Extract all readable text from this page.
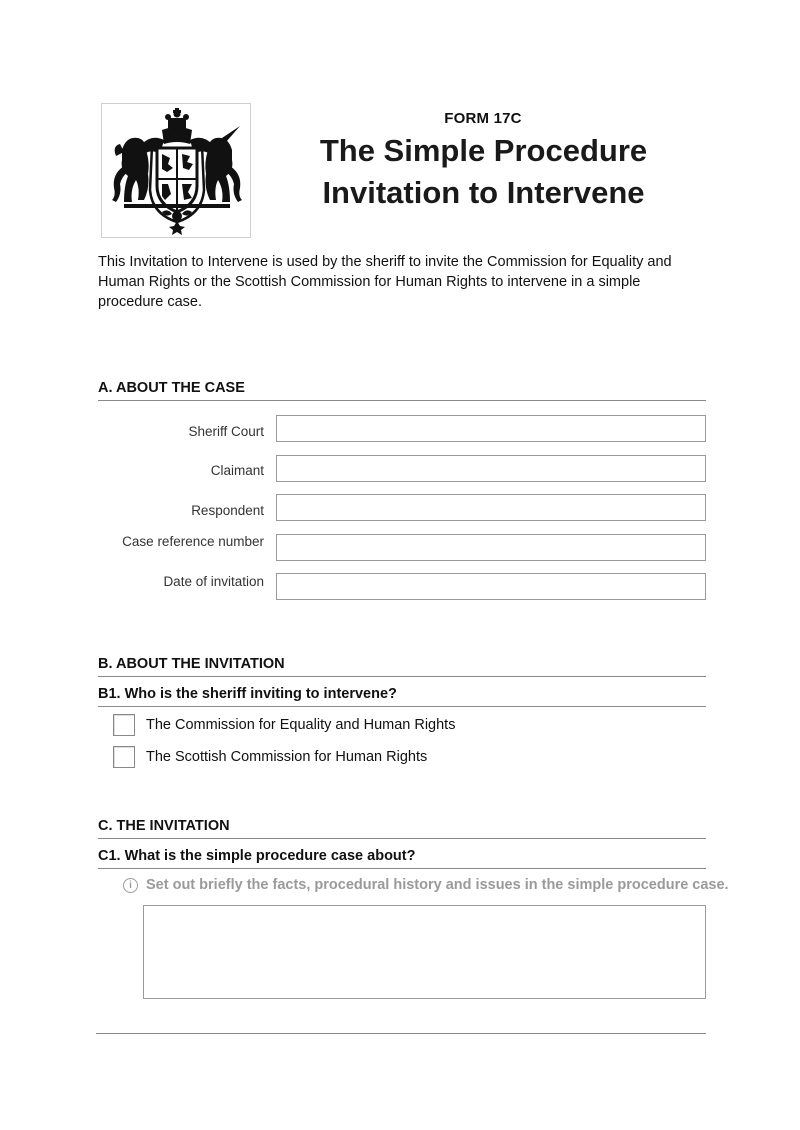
FORM 17C
The Simple Procedure
Invitation to Intervene
This Invitation to Intervene is used by the sheriff to invite the Commission for Equality and Human Rights or the Scottish Commission for Human Rights to intervene in a simple procedure case.
A. ABOUT THE CASE
Sheriff Court
Claimant
Respondent
Case reference number
Date of invitation
B. ABOUT THE INVITATION
B1. Who is the sheriff inviting to intervene?
The Commission for Equality and Human Rights
The Scottish Commission for Human Rights
C. THE INVITATION
C1. What is the simple procedure case about?
i Set out briefly the facts, procedural history and issues in the simple procedure case.
